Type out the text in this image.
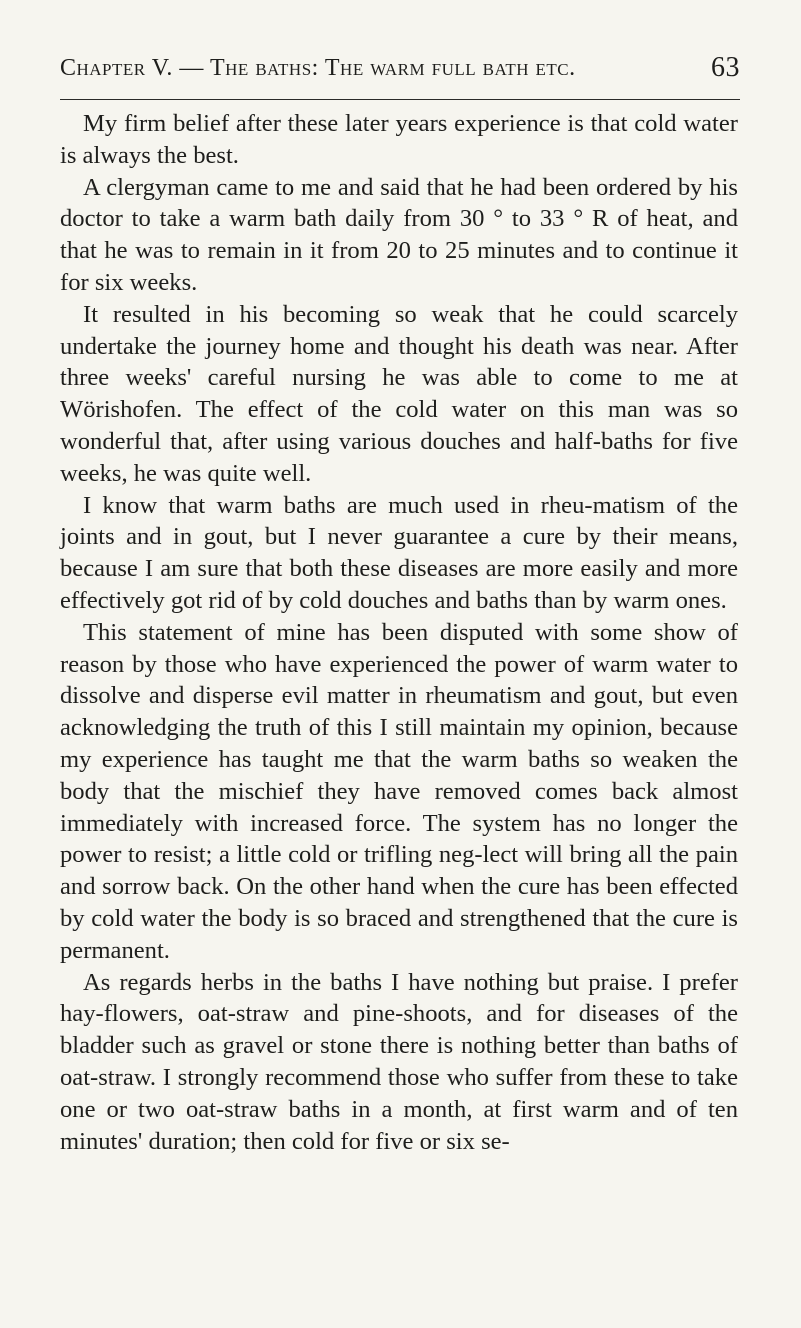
Chapter V. — The baths: The warm full bath etc.	63

My firm belief after these later years experience is that cold water is always the best.

A clergyman came to me and said that he had been ordered by his doctor to take a warm bath daily from 30 ° to 33 ° R of heat, and that he was to remain in it from 20 to 25 minutes and to continue it for six weeks.

It resulted in his becoming so weak that he could scarcely undertake the journey home and thought his death was near. After three weeks' careful nursing he was able to come to me at Wörishofen. The effect of the cold water on this man was so wonderful that, after using various douches and half-baths for five weeks, he was quite well.

I know that warm baths are much used in rheu-matism of the joints and in gout, but I never guarantee a cure by their means, because I am sure that both these diseases are more easily and more effectively got rid of by cold douches and baths than by warm ones.

This statement of mine has been disputed with some show of reason by those who have experienced the power of warm water to dissolve and disperse evil matter in rheumatism and gout, but even acknowledging the truth of this I still maintain my opinion, because my experience has taught me that the warm baths so weaken the body that the mischief they have removed comes back almost immediately with increased force. The system has no longer the power to resist; a little cold or trifling neg-lect will bring all the pain and sorrow back. On the other hand when the cure has been effected by cold water the body is so braced and strengthened that the cure is permanent.

As regards herbs in the baths I have nothing but praise. I prefer hay-flowers, oat-straw and pine-shoots, and for diseases of the bladder such as gravel or stone there is nothing better than baths of oat-straw. I strongly recommend those who suffer from these to take one or two oat-straw baths in a month, at first warm and of ten minutes' duration; then cold for five or six se-
